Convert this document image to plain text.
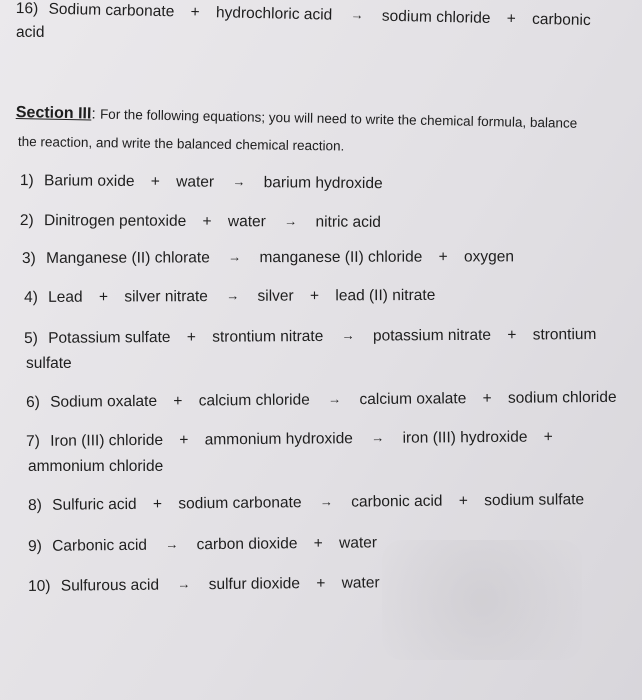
16) Sodium carbonate + hydrochloric acid → sodium chloride + carbonic
acid
Section III: For the following equations; you will need to write the chemical formula, balance
the reaction, and write the balanced chemical reaction.
1) Barium oxide + water → barium hydroxide
2) Dinitrogen pentoxide + water → nitric acid
3) Manganese (II) chlorate → manganese (II) chloride + oxygen
4) Lead + silver nitrate → silver + lead (II) nitrate
5) Potassium sulfate + strontium nitrate → potassium nitrate + strontium
sulfate
6) Sodium oxalate + calcium chloride → calcium oxalate + sodium chloride
7) Iron (III) chloride + ammonium hydroxide → iron (III) hydroxide +
ammonium chloride
8) Sulfuric acid + sodium carbonate → carbonic acid + sodium sulfate
9) Carbonic acid → carbon dioxide + water
10) Sulfurous acid → sulfur dioxide + water
